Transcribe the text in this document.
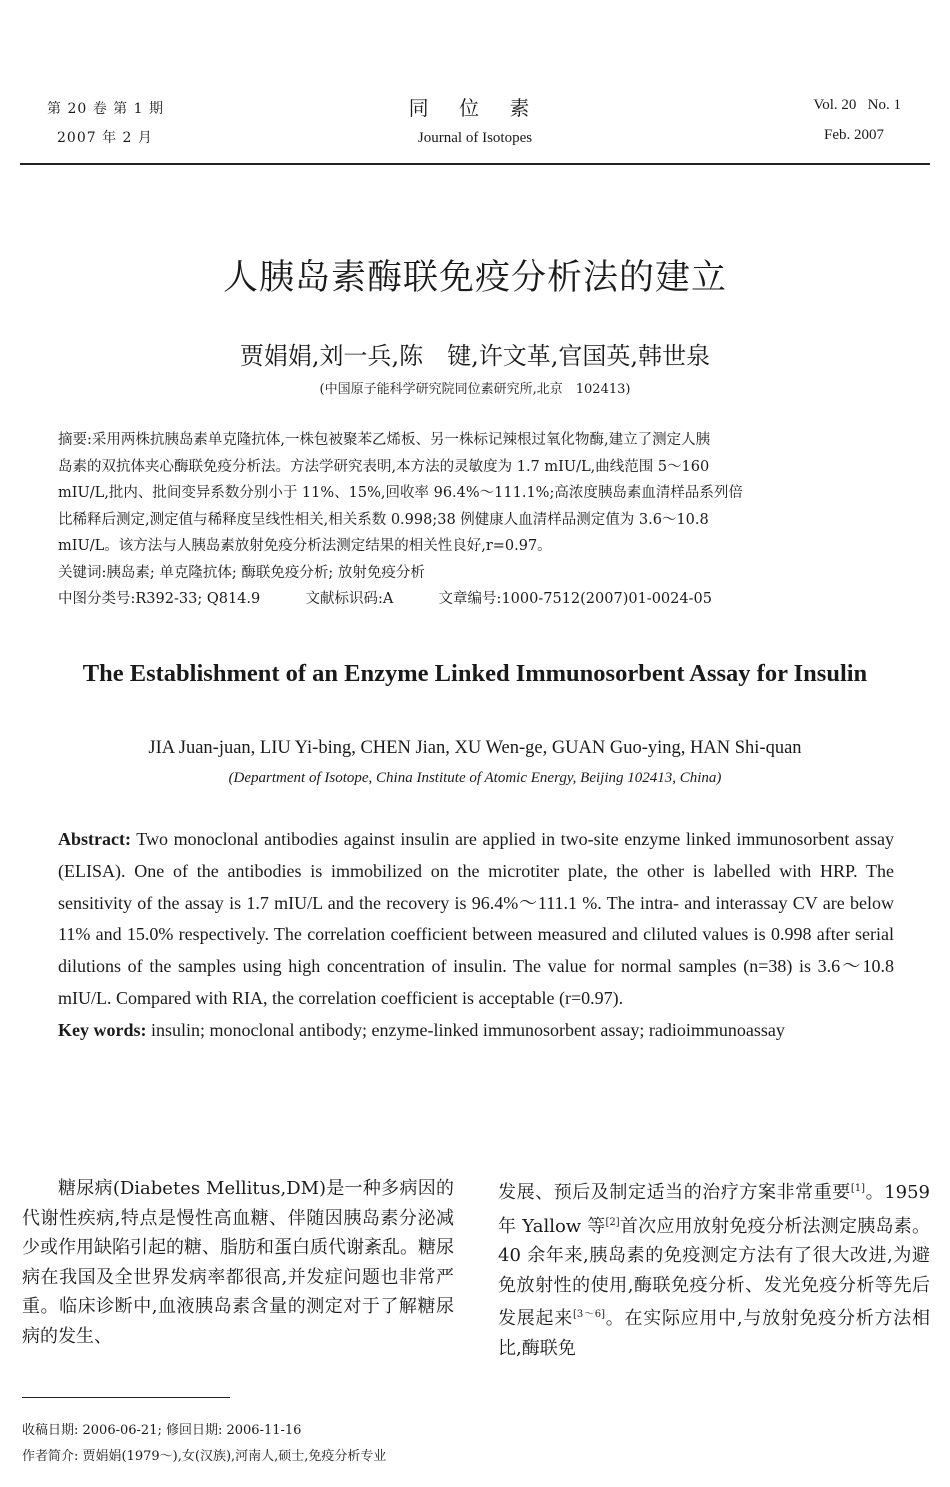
第 20 卷 第 1 期
2007 年 2 月
同 位 素
Journal of Isotopes
Vol. 20   No. 1
Feb. 2007
人胰岛素酶联免疫分析法的建立
贾娟娟,刘一兵,陈　键,许文革,官国英,韩世泉
(中国原子能科学研究院同位素研究所,北京　102413)
摘要:采用两株抗胰岛素单克隆抗体,一株包被聚苯乙烯板、另一株标记辣根过氧化物酶,建立了测定人胰
岛素的双抗体夹心酶联免疫分析法。方法学研究表明,本方法的灵敏度为 1.7 mIU/L,曲线范围 5～160
mIU/L,批内、批间变异系数分别小于 11%、15%,回收率 96.4%～111.1%;高浓度胰岛素血清样品系列倍
比稀释后测定,测定值与稀释度呈线性相关,相关系数 0.998;38 例健康人血清样品测定值为 3.6～10.8
mIU/L。该方法与人胰岛素放射免疫分析法测定结果的相关性良好,r=0.97。
关键词:胰岛素; 单克隆抗体; 酶联免疫分析; 放射免疫分析
中图分类号:R392-33; Q814.9	文献标识码:A	文章编号:1000-7512(2007)01-0024-05
The Establishment of an Enzyme Linked Immunosorbent Assay for Insulin
JIA Juan-juan, LIU Yi-bing, CHEN Jian, XU Wen-ge, GUAN Guo-ying, HAN Shi-quan
(Department of Isotope, China Institute of Atomic Energy, Beijing 102413, China)
Abstract: Two monoclonal antibodies against insulin are applied in two-site enzyme linked immunosorbent assay (ELISA). One of the antibodies is immobilized on the microtiter plate, the other is labelled with HRP. The sensitivity of the assay is 1.7 mIU/L and the recovery is 96.4%～111.1 %. The intra- and interassay CV are below 11% and 15.0% respectively. The correlation coefficient between measured and cliluted values is 0.998 after serial dilutions of the samples using high concentration of insulin. The value for normal samples (n=38) is 3.6～10.8 mIU/L. Compared with RIA, the correlation coefficient is acceptable (r=0.97).
Key words: insulin; monoclonal antibody; enzyme-linked immunosorbent assay; radioimmunoassay
糖尿病(Diabetes Mellitus,DM)是一种多病因的代谢性疾病,特点是慢性高血糖、伴随因胰岛素分泌减少或作用缺陷引起的糖、脂肪和蛋白质代谢紊乱。糖尿病在我国及全世界发病率都很高,并发症问题也非常严重。临床诊断中,血液胰岛素含量的测定对于了解糖尿病的发生、
发展、预后及制定适当的治疗方案非常重要[1]。1959 年 Yallow 等[2]首次应用放射免疫分析法测定胰岛素。40 余年来,胰岛素的免疫测定方法有了很大改进,为避免放射性的使用,酶联免疫分析、发光免疫分析等先后发展起来[3～6]。在实际应用中,与放射免疫分析方法相比,酶联免
收稿日期: 2006-06-21; 修回日期: 2006-11-16
作者简介: 贾娟娟(1979～),女(汉族),河南人,硕士,免疫分析专业
